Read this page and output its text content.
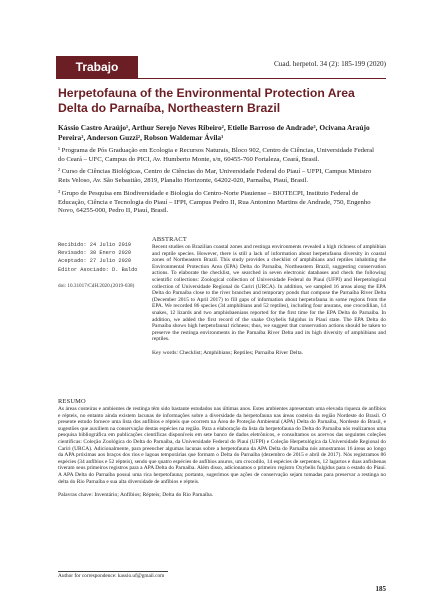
Trabajo	Cuad. herpetol. 34 (2): 185-199 (2020)
Herpetofauna of the Environmental Protection Area Delta do Parnaíba, Northeastern Brazil
Kássio Castro Araújo¹, Arthur Serejo Neves Ribeiro², Etielle Barroso de Andrade³, Ocivana Araújo Pereira², Anderson Guzzi², Robson Waldemar Ávila¹
¹ Programa de Pós Graduação em Ecologia e Recursos Naturais, Bloco 902, Centro de Ciências, Universidade Federal do Ceará – UFC, Campus do PICI, Av. Humberto Monte, s/n, 60455-760 Fortaleza, Ceará, Brasil.
² Curso de Ciências Biológicas, Centro de Ciências do Mar, Universidade Federal do Piauí – UFPI, Campus Ministro Reis Veloso, Av. São Sebastião, 2819, Planalto Horizonte, 64202-020, Parnaíba, Piauí, Brasil.
³ Grupo de Pesquisa em Biodiversidade e Biologia do Centro-Norte Piauiense – BIOTECPI, Instituto Federal de Educação, Ciência e Tecnologia do Piauí – IFPI, Campus Pedro II, Rua Antonino Martins de Andrade, 750, Engenho Novo, 64255-000, Pedro II, Piauí, Brasil.
Recibido: 24 Julio 2019
Revisado: 30 Enero 2020
Aceptado: 27 Julio 2020
Editor Asociado: D. Baldo
doi: 10.31017/CdH.2020.(2019-038)
ABSTRACT

Recent studies on Brazilian coastal zones and restinga environments revealed a high richness of amphibian and reptile species. However, there is still a lack of information about herpetofauna diversity in coastal zones of Northeastern Brazil. This study provides a checklist of amphibians and reptiles inhabiting the Environmental Protection Area (EPA) Delta do Parnaíba, Northeastern Brazil, suggesting conservation actions. To elaborate the checklist, we searched in seven electronic databases and check the following scientific collections: Zoological collection of Universidade Federal do Piauí (UFPI) and Herpetological collection of Universidade Regional do Cariri (URCA). In addition, we sampled 16 areas along the EPA Delta do Parnaíba close to the river branches and temporary ponds that compose the Parnaíba River Delta (December 2015 to April 2017) to fill gaps of information about herpetofauna in some regions from the EPA. We recorded 86 species (34 amphibians and 52 reptiles), including four anurans, one crocodilian, 14 snakes, 12 lizards and two amphisbaenians reported for the first time for the EPA Delta do Parnaíba. In addition, we added the first record of the snake Oxybelis fulgidus in Piauí state. The EPA Delta do Parnaíba shows high herpetofaunal richness; thus, we suggest that conservation actions should be taken to preserve the restinga environments in the Parnaíba River Delta and its high diversity of amphibians and reptiles.

Key words: Checklist; Amphibians; Reptiles; Parnaíba River Delta.
RESUMO

As áreas costeiras e ambientes de restinga têm sido bastante estudados nas últimas anos. Estes ambientes apresentam uma elevada riqueza de anfíbios e répteis, no entanto ainda existem lacunas de informações sobre a diversidade da herpetofauna nas áreas costeira da região Nordeste do Brasil. O presente estudo fornece uma lista dos anfíbios e répteis que ocorrem na Área de Proteção Ambiental (APA) Delta do Parnaíba, Nordeste do Brasil, e sugestões que auxiliem na conservação destas espécies na região. Para a elaboração da lista da herpetofauna do Delta do Parnaíba nós realizamos uma pesquisa bibliográfica em publicações científicas disponíveis em sete banco de dados eletrônicos, e consultamos os acervos das seguintes coleções científicas: Coleção Zoológica do Delta do Parnaíba, da Universidade Federal do Piauí (UFPI) e Coleção Herpetológica da Universidade Regional do Cariri (URCA). Adicionalmente, para preencher algumas lacunas sobre a herpetofauna da APA Delta do Parnaíba nós amostramos 16 áreas ao longo da APA próximas aos braços dos rios e lagoas temporárias que formam o Delta do Parnaíba (dezembro de 2015 e abril de 2017). Nós registramos 86 espécies (34 anfíbios e 52 répteis), sendo que quatro espécies de anfíbios anuros, um crocodilo, 14 espécies de serpentes, 12 lagartos e duas anfisbenas tiveram seus primeiros registros para a APA Delta do Parnaíba. Além disso, adicionamos o primeiro registro Oxybelis fulgidus para o estado do Piauí. A APA Delta do Parnaíba possui uma rica herpetofauna; portanto, sugerimos que ações de conservação sejam tomadas para preservar a restinga no delta do Rio Parnaíba e sua alta diversidade de anfíbios e répteis.

Palavras chave: Inventário; Anfíbios; Répteis; Delta do Rio Parnaíba.
Author for correspondence: kassio.uf@gmail.com
185
